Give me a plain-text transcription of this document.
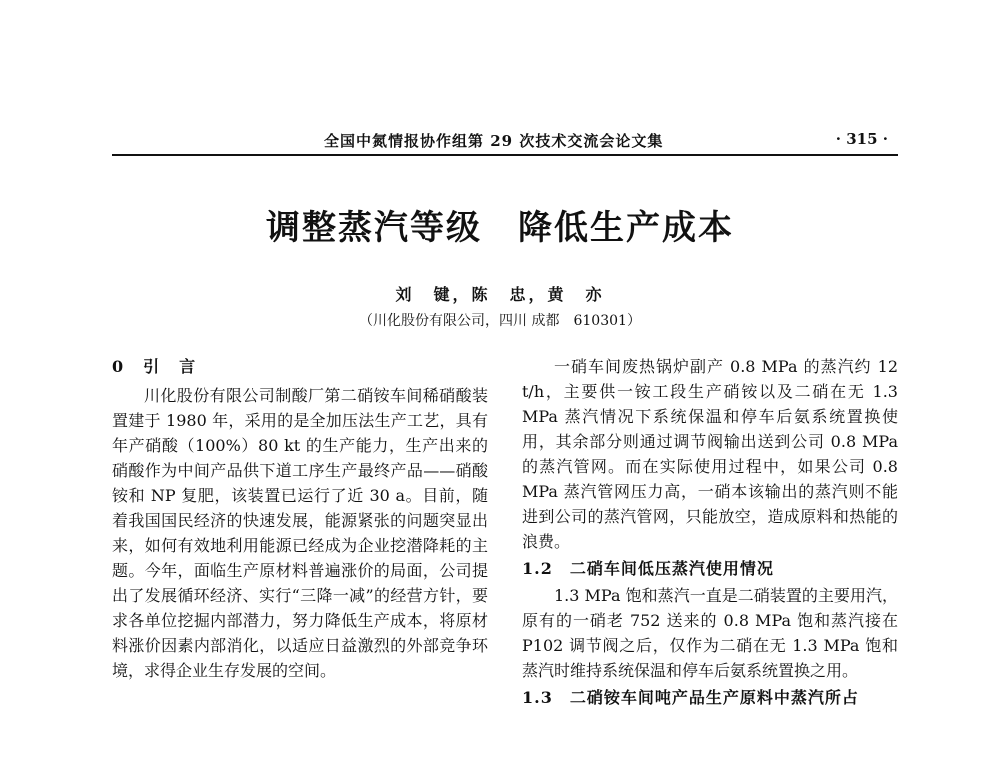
全国中氮情报协作组第 29 次技术交流会论文集	· 315 ·
调整蒸汽等级　降低生产成本
刘　键，陈　忠，黄　亦
（川化股份有限公司，四川 成都　610301）
0　引　言

川化股份有限公司制酸厂第二硝铵车间稀硝酸装置建于 1980 年，采用的是全加压法生产工艺，具有年产硝酸（100%）80 kt 的生产能力，生产出来的硝酸作为中间产品供下道工序生产最终产品——硝酸铵和 NP 复肥，该装置已运行了近 30 a。目前，随着我国国民经济的快速发展，能源紧张的问题突显出来，如何有效地利用能源已经成为企业挖潜降耗的主题。今年，面临生产原材料普遍涨价的局面，公司提出了发展循环经济、实行“三降一减”的经营方针，要求各单位挖掘内部潜力，努力降低生产成本，将原材料涨价因素内部消化，以适应日益激烈的外部竞争环境，求得企业生存发展的空间。

一硝车间废热锅炉副产 0.8 MPa 的蒸汽约 12 t/h，主要供一铵工段生产硝铵以及二硝在无 1.3 MPa 蒸汽情况下系统保温和停车后氨系统置换使用，其余部分则通过调节阀输出送到公司 0.8 MPa 的蒸汽管网。而在实际使用过程中，如果公司 0.8 MPa 蒸汽管网压力高，一硝本该输出的蒸汽则不能进到公司的蒸汽管网，只能放空，造成原料和热能的浪费。

1.2　二硝车间低压蒸汽使用情况

1.3 MPa 饱和蒸汽一直是二硝装置的主要用汽，原有的一硝老 752 送来的 0.8 MPa 饱和蒸汽接在 P102 调节阀之后，仅作为二硝在无 1.3 MPa 饱和蒸汽时维持系统保温和停车后氨系统置换之用。

1.3　二硝铵车间吨产品生产原料中蒸汽所占
